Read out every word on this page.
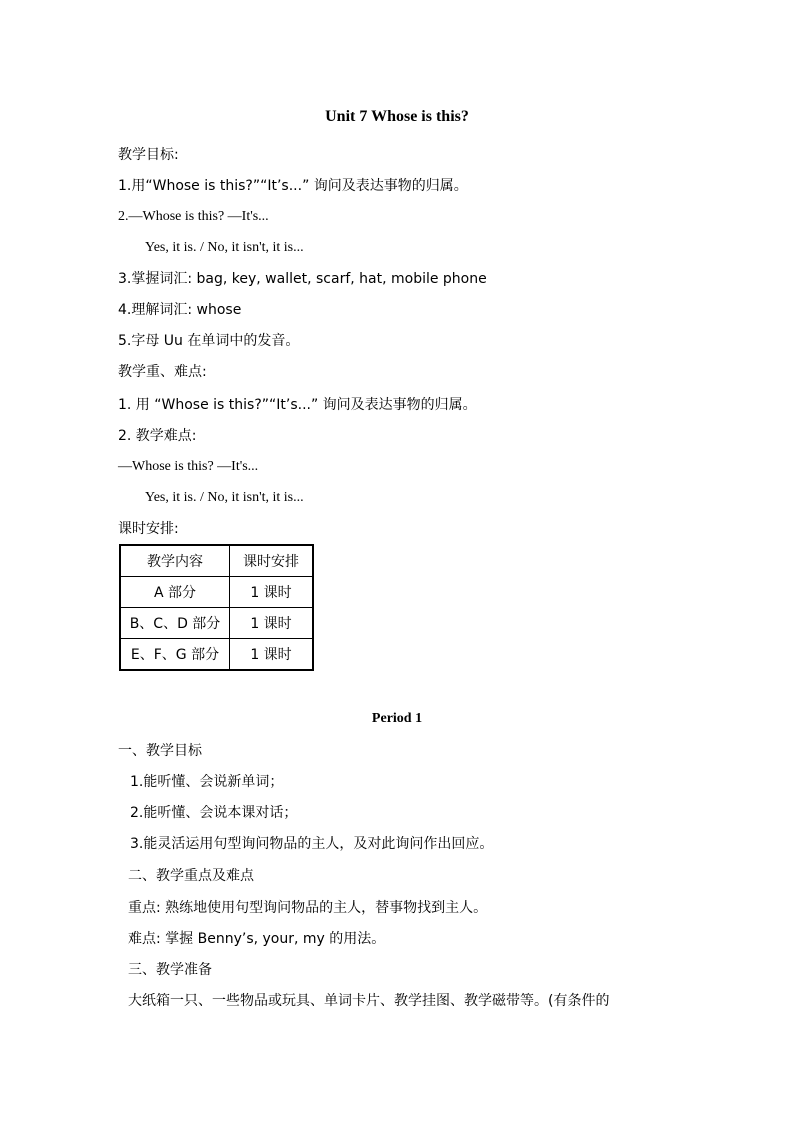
Unit 7 Whose is this?
教学目标:
1.用“Whose is this?”“It’s...” 询问及表达事物的归属。
2.—Whose is this? —It's...
Yes, it is. / No, it isn't, it is...
3.掌握词汇: bag, key, wallet, scarf, hat, mobile phone
4.理解词汇: whose
5.字母 Uu 在单词中的发音。
教学重、难点:
1. 用 “Whose is this?”“It’s...” 询问及表达事物的归属。
2. 教学难点:
—Whose is this? —It's...
Yes, it is. / No, it isn't, it is...
课时安排:
教学内容	课时安排
A 部分	1 课时
B、C、D 部分	1 课时
E、F、G 部分	1 课时
Period 1
一、教学目标
1.能听懂、会说新单词；
2.能听懂、会说本课对话；
3.能灵活运用句型询问物品的主人，及对此询问作出回应。
二、教学重点及难点
重点: 熟练地使用句型询问物品的主人，替事物找到主人。
难点: 掌握 Benny’s, your, my 的用法。
三、教学准备
大纸箱一只、一些物品或玩具、单词卡片、教学挂图、教学磁带等。(有条件的
